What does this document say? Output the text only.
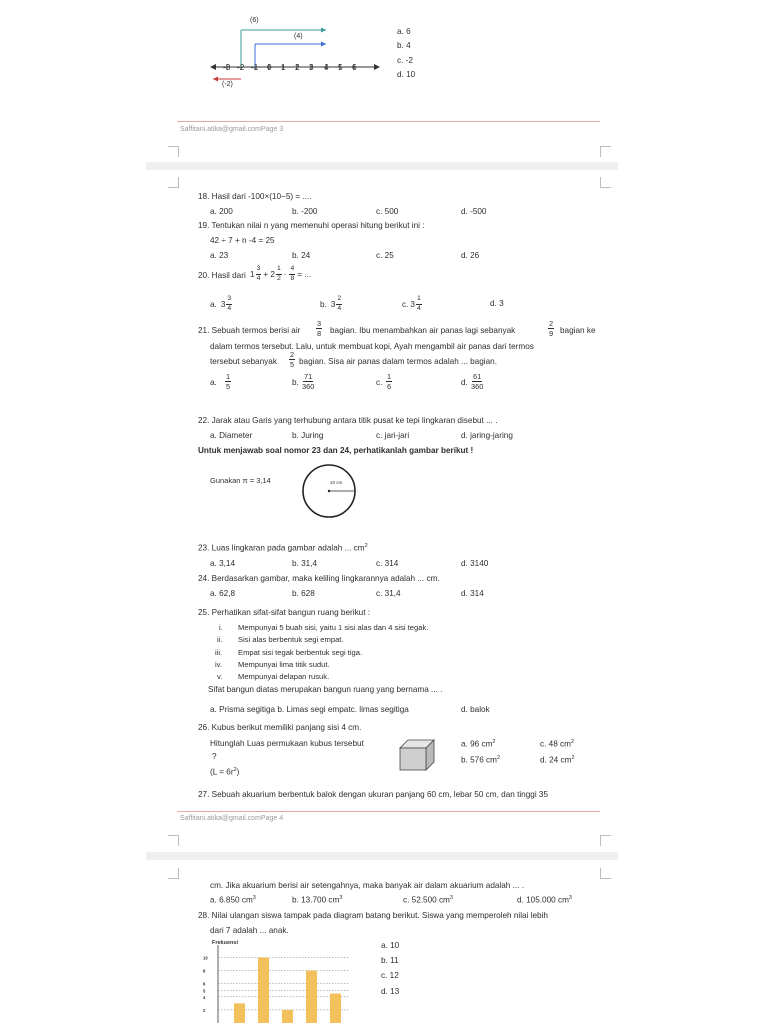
(6)
(4)
(-2)
-3 -2 -1 0 1 2 3 4 5 6
a. 6
b. 4
c. -2
d. 10
Saffitani.atika@gmail.comPage 3
18. Hasil dari -100×(10−5) = ....
a. 200	b. -200	c. 500	d. -500
19. Tentukan nilai n yang memenuhi operasi hitung berikut ini :
42 ÷ 7 + n -4 = 25
a. 23	b. 24	c. 25	d. 26
20. Hasil dari $1 \frac{3}{4} + 2 \frac{1}{2} \cdot \frac{4}{8}$ = ...
a. $3 \frac{3}{4}$	b. $3 \frac{2}{4}$	c. $3 \frac{1}{4}$	d. 3
21. Sebuah termos berisi air $\frac{3}{8}$ bagian. Ibu menambahkan air panas lagi sebanyak	$\frac{2}{9}$ bagian ke
dalam termos tersebut. Lalu, untuk membuat kopi, Ayah mengambil air panas dari termos
tersebut sebanyak $\frac{2}{5}$ bagian. Sisa air panas dalam termos adalah ... bagian.
a. $\frac{1}{5}$	b. $\frac{71}{360}$	c. $\frac{1}{6}$	d. $\frac{61}{360}$
22. Jarak atau Garis yang terhubung antara titik pusat ke tepi lingkaran disebut ... .
a. Diameter	b. Juring	c. jari-jari	d. jaring-jaring
Untuk menjawab soal nomor 23 dan 24, perhatikanlah gambar berikut !
Gunakan π = 3,14	10 cm
23. Luas lingkaran pada gambar adalah ... $cm^2$
a. 3,14	b. 31,4	c. 314	d. 3140
24. Berdasarkan gambar, maka keliling lingkarannya adalah ... cm.
a. 62,8	b. 628	c. 31,4	d. 314
25. Perhatikan sifat-sifat bangun ruang berikut :
i. Mempunyai 5 buah sisi, yaitu 1 sisi alas dan 4 sisi tegak.
ii. Sisi alas berbentuk segi empat.
iii. Empat sisi tegak berbentuk segi tiga.
iv. Mempunyai lima titik sudut.
v. Mempunyai delapan rusuk.
Sifat bangun diatas merupakan bangun ruang yang bernama ... .
a. Prisma segitiga b. Limas segi empatc. limas segitiga	d. balok
26. Kubus berikut memiliki panjang sisi 4 cm.
Hitunglah Luas permukaan kubus tersebut
?
$(L = 6r^2)$
a. 96 $cm^2$	c. 48 $cm^2$
b. 576 $cm^2$	d. 24 $cm^2$
27. Sebuah akuarium berbentuk balok dengan ukuran panjang 60 cm, lebar 50 cm, dan tinggi 35
Saffitani.atika@gmail.comPage 4
cm. Jika akuarium berisi air setengahnya, maka banyak air dalam akuarium adalah ... .
a. 6.850 $cm^3$	b. 13.700 $cm^3$	c. 52.500 $cm^3$	d. 105.000 $cm^3$
28. Nilai ulangan siswa tampak pada diagram batang berikut. Siswa yang memperoleh nilai lebih
dari 7 adalah ... anak.
Frekuensi
10
8
6
5
4
2
a. 10
b. 11
c. 12
d. 13
